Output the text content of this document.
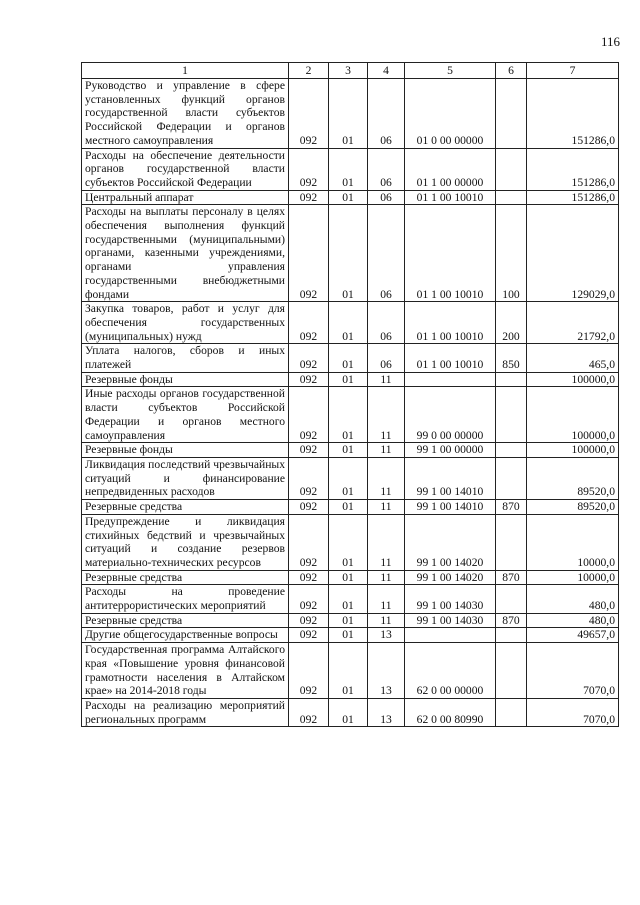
116
1	2	3	4	5	6	7
Руководство и управление в сфере установленных функций органов государственной власти субъектов Российской Федерации и органов местного самоуправления	092	01	06	01 0 00 00000		151286,0
Расходы на обеспечение деятельности органов государственной власти субъектов Российской Федерации	092	01	06	01 1 00 00000		151286,0
Центральный аппарат	092	01	06	01 1 00 10010		151286,0
Расходы на выплаты персоналу в целях обеспечения выполнения функций государственными (муниципальными) органами, казенными учреждениями, органами управления государственными внебюджетными фондами	092	01	06	01 1 00 10010	100	129029,0
Закупка товаров, работ и услуг для обеспечения государственных (муниципальных) нужд	092	01	06	01 1 00 10010	200	21792,0
Уплата налогов, сборов и иных платежей	092	01	06	01 1 00 10010	850	465,0
Резервные фонды	092	01	11			100000,0
Иные расходы органов государственной власти субъектов Российской Федерации и органов местного самоуправления	092	01	11	99 0 00 00000		100000,0
Резервные фонды	092	01	11	99 1 00 00000		100000,0
Ликвидация последствий чрезвычайных ситуаций и финансирование непредвиденных расходов	092	01	11	99 1 00 14010		89520,0
Резервные средства	092	01	11	99 1 00 14010	870	89520,0
Предупреждение и ликвидация стихийных бедствий и чрезвычайных ситуаций и создание резервов материально-технических ресурсов	092	01	11	99 1 00 14020		10000,0
Резервные средства	092	01	11	99 1 00 14020	870	10000,0
Расходы на проведение антитеррористических мероприятий	092	01	11	99 1 00 14030		480,0
Резервные средства	092	01	11	99 1 00 14030	870	480,0
Другие общегосударственные вопросы	092	01	13			49657,0
Государственная программа Алтайского края «Повышение уровня финансовой грамотности населения в Алтайском крае» на 2014-2018 годы	092	01	13	62 0 00 00000		7070,0
Расходы на реализацию мероприятий региональных программ	092	01	13	62 0 00 80990		7070,0
